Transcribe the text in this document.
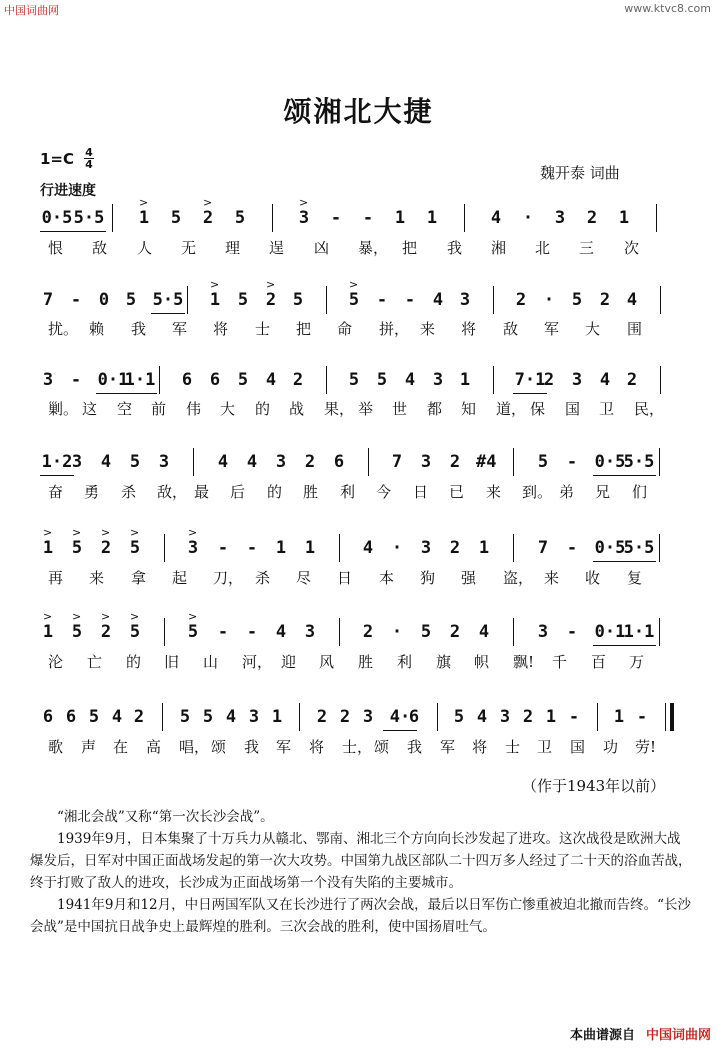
中国词曲网	www.ktvc8.com
颂湘北大捷
1=C 4
4	魏开泰 词曲
行进速度
0·5 5·5
>
1 5
>
2 5
>
3 - - 1 1	4 · 3 2 1
恨 敌 人 无 理 逞 凶 暴， 把 我 湘 北 三 次
7 - 0 5 5·5
>
1 5
>
2 5
>
5 - - 4 3	2 · 5 2 4
扰。 赖 我 军 将 士 把 命 拼， 来 将 敌 军 大 围
3 - 0·1
1·1 6 6 5 4 2	5 5 4 3 1	7·1
2 3 4 2
剿。 这 空 前 伟 大 的 战 果， 举 世 都 知 道， 保 国 卫 民，
1·2 3 4 5 3	4 4 3 2 6	7 3 2 #4 5 - 0·5
5·5
奋 勇 杀 敌， 最 后 的 胜 利 今 日 已 来 到。 弟 兄 们
>
1
>
5
>
2
>
5
>
3 - - 1 1	4 · 3 2 1	7 - 0·5
5·5
再 来 拿 起 刀， 杀 尽 日 本 狗 强 盗， 来 收 复
>
1
>
5
>
2
>
5
>
5 - - 4 3	2 · 5 2 4	3 - 0·1
1·1
沦 亡 的 旧 山 河， 迎 风 胜 利 旗 帜 飘! 千 百 万
6 6 5 4 2 5 5 4 3 1 2 2 3 4·
6 5 4 3 2 1 - 1 -
歌 声 在 高 唱， 颂 我 军 将 士， 颂 我 军 将 士 卫 国 功 劳!
（作于1943年以前）

“湘北会战”又称“第一次长沙会战”。

1939年9月，日本集聚了十万兵力从赣北、鄂南、湘北三个方向向长沙发起了进攻。这次战役是欧洲大战爆发后，日军对中国正面战场发起的第一次大攻势。中国第九战区部队二十四万多人经过了二十天的浴血苦战，终于打败了敌人的进攻，长沙成为正面战场第一个没有失陷的主要城市。

1941年9月和12月，中日两国军队又在长沙进行了两次会战，最后以日军伤亡惨重被迫北撤而告终。“长沙会战”是中国抗日战争史上最辉煌的胜利。三次会战的胜利，使中国扬眉吐气。

本曲谱源自 中国词曲网
